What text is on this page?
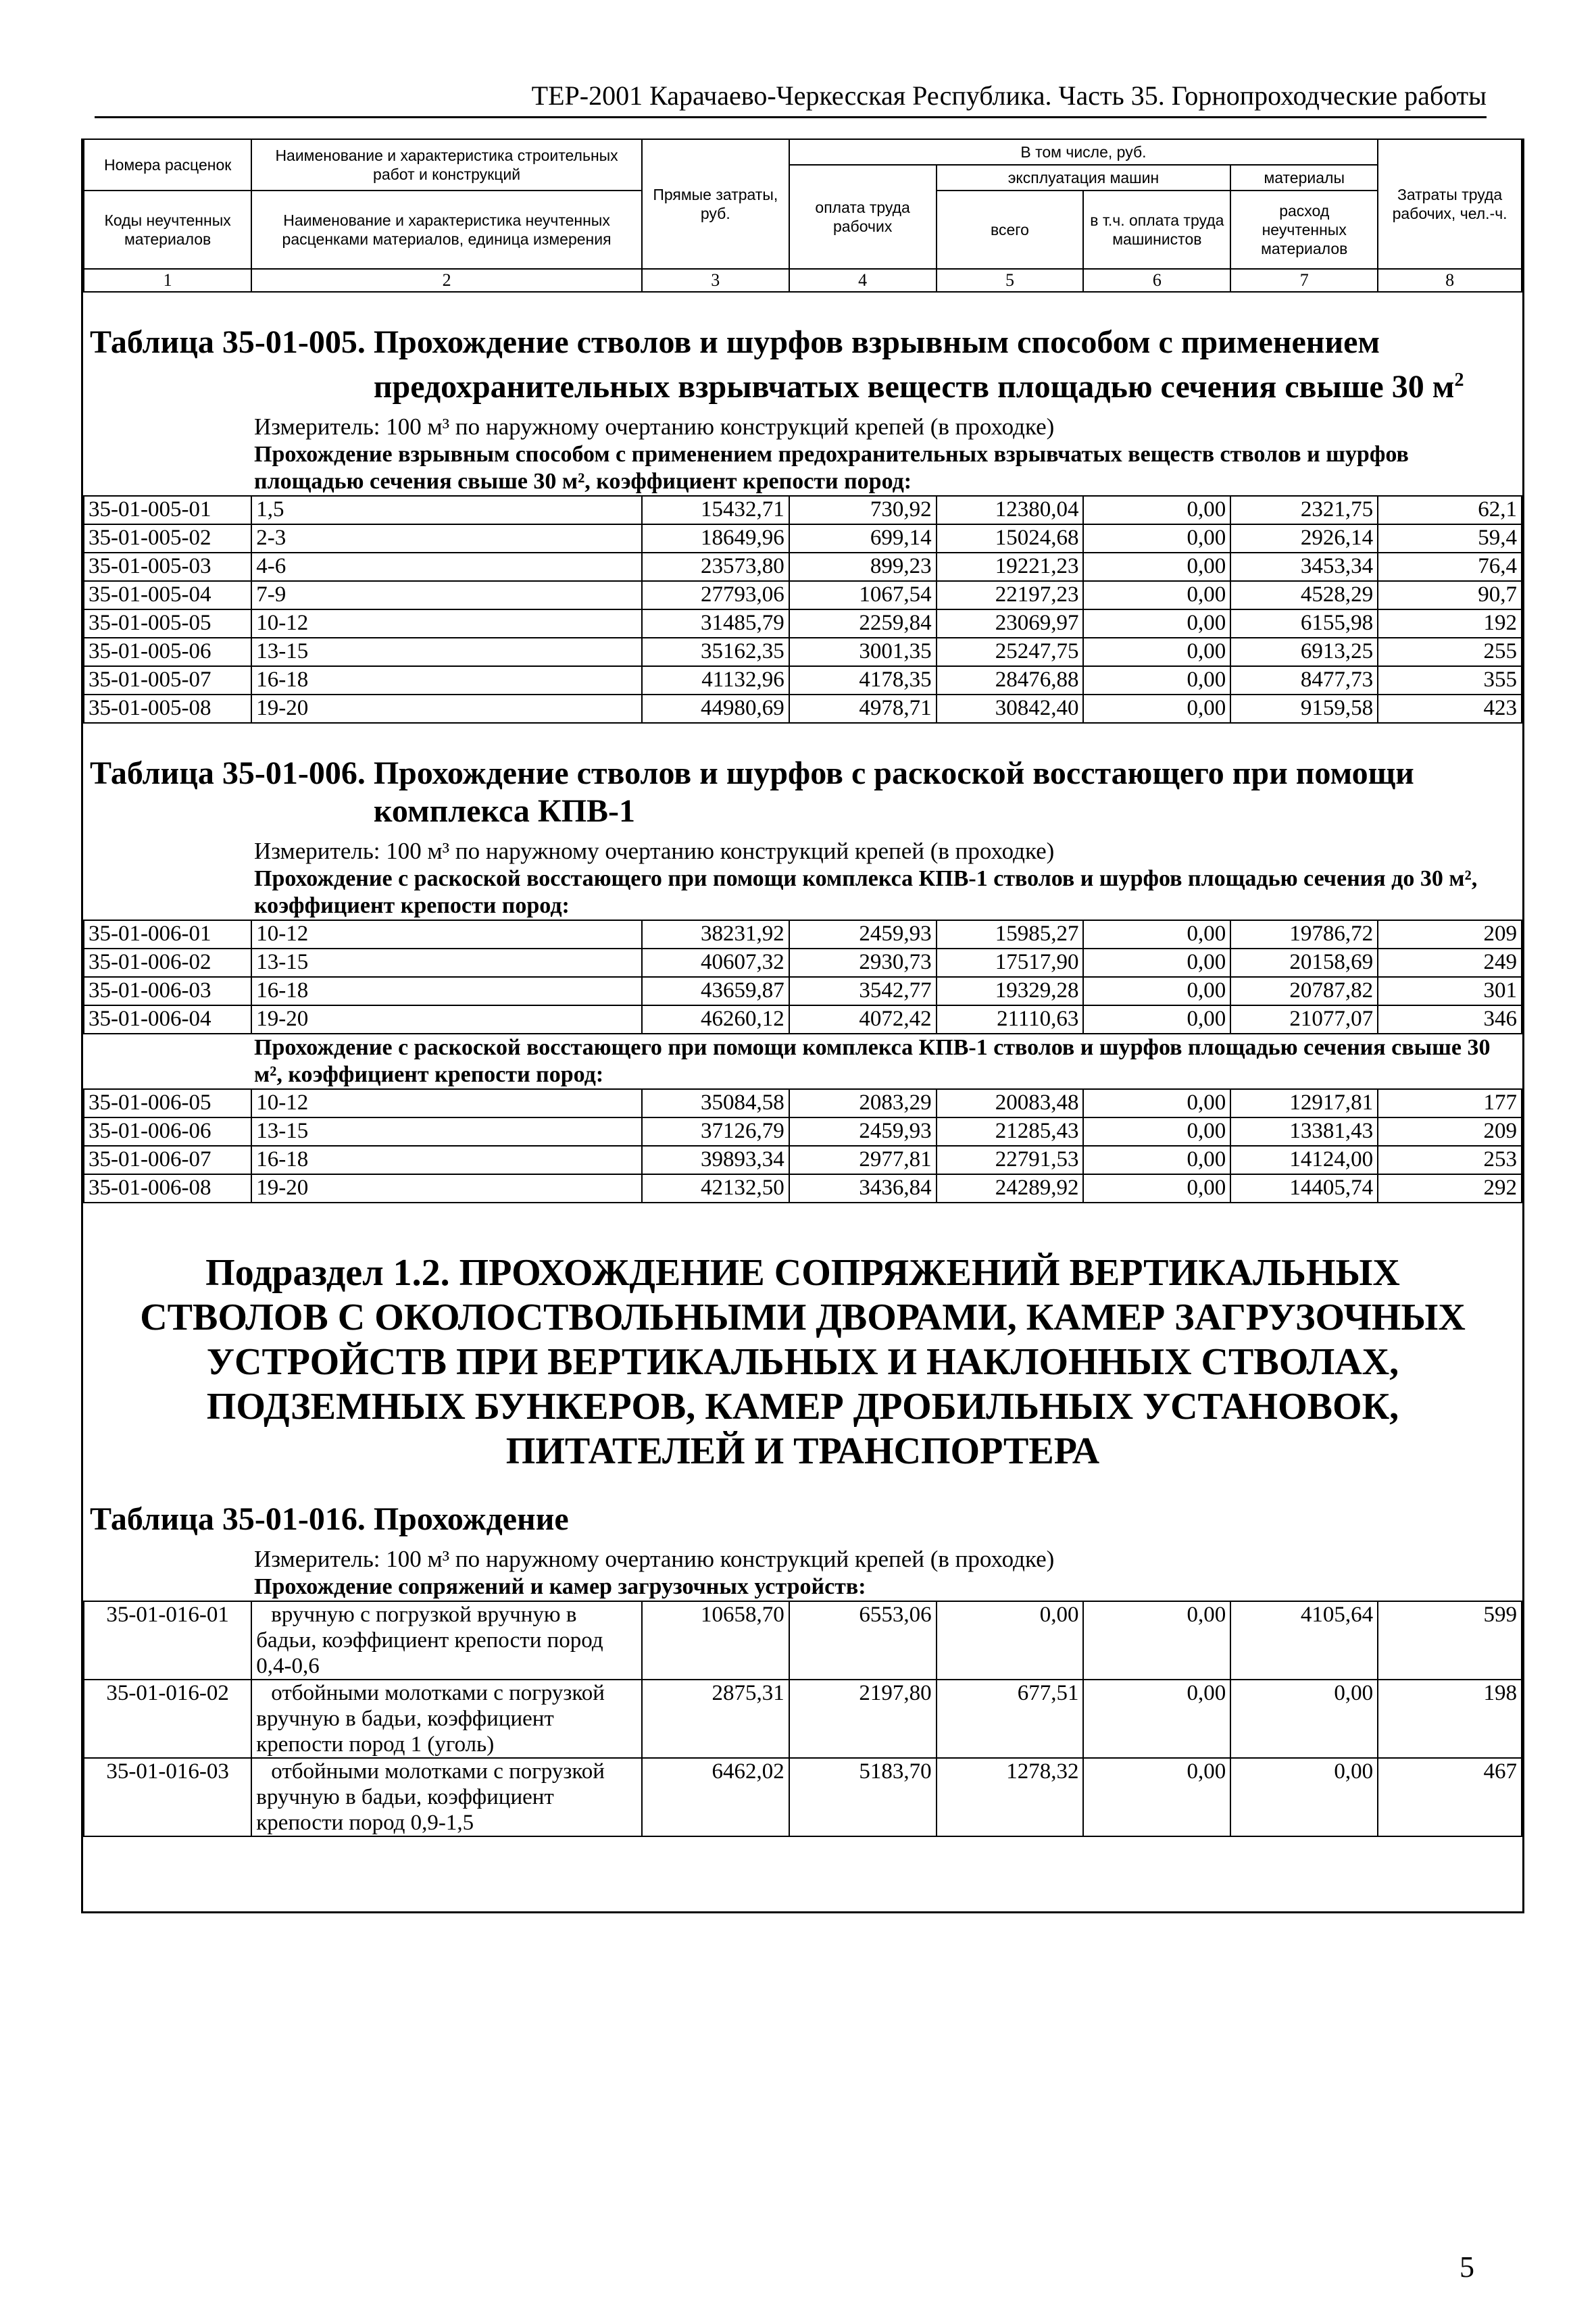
ТЕР-2001 Карачаево-Черкесская Республика. Часть 35. Горнопроходческие работы
Номера расценок	Наименование и характеристика строительных работ и конструкций	Прямые затраты, руб.	В том числе, руб.				Затраты труда рабочих, чел.-ч.
			оплата труда рабочих	эксплуатация машин		материалы	
Коды неучтенных материалов	Наименование и характеристика неучтенных расценками материалов, единица измерения			всего	в т.ч. оплата труда машинистов	расход неучтенных материалов	

1	2	3	4	5	6	7	8
Таблица 35-01-005.
Прохождение стволов и шурфов взрывным способом с применением предохранительных взрывчатых веществ площадью сечения свыше 30 $м^2$
Измеритель: 100 м³ по наружному очертанию конструкций крепей (в проходке)
Прохождение взрывным способом с применением предохранительных взрывчатых веществ стволов и шурфов площадью сечения свыше 30 м², коэффициент крепости пород:
35-01-005-01	1,5	15432,71	730,92	12380,04	0,00	2321,75	62,1
35-01-005-02	2-3	18649,96	699,14	15024,68	0,00	2926,14	59,4
35-01-005-03	4-6	23573,80	899,23	19221,23	0,00	3453,34	76,4
35-01-005-04	7-9	27793,06	1067,54	22197,23	0,00	4528,29	90,7
35-01-005-05	10-12	31485,79	2259,84	23069,97	0,00	6155,98	192
35-01-005-06	13-15	35162,35	3001,35	25247,75	0,00	6913,25	255
35-01-005-07	16-18	41132,96	4178,35	28476,88	0,00	8477,73	355
35-01-005-08	19-20	44980,69	4978,71	30842,40	0,00	9159,58	423
Таблица 35-01-006.
Прохождение стволов и шурфов с раскоской восстающего при помощи комплекса КПВ-1
Измеритель: 100 м³ по наружному очертанию конструкций крепей (в проходке)
Прохождение с раскоской восстающего при помощи комплекса КПВ-1 стволов и шурфов площадью сечения до 30 м², коэффициент крепости пород:
35-01-006-01	10-12	38231,92	2459,93	15985,27	0,00	19786,72	209
35-01-006-02	13-15	40607,32	2930,73	17517,90	0,00	20158,69	249
35-01-006-03	16-18	43659,87	3542,77	19329,28	0,00	20787,82	301
35-01-006-04	19-20	46260,12	4072,42	21110,63	0,00	21077,07	346
Прохождение с раскоской восстающего при помощи комплекса КПВ-1 стволов и шурфов площадью сечения свыше 30 м², коэффициент крепости пород:
35-01-006-05	10-12	35084,58	2083,29	20083,48	0,00	12917,81	177
35-01-006-06	13-15	37126,79	2459,93	21285,43	0,00	13381,43	209
35-01-006-07	16-18	39893,34	2977,81	22791,53	0,00	14124,00	253
35-01-006-08	19-20	42132,50	3436,84	24289,92	0,00	14405,74	292
Подраздел 1.2. ПРОХОЖДЕНИЕ СОПРЯЖЕНИЙ ВЕРТИКАЛЬНЫХ СТВОЛОВ С ОКОЛОСТВОЛЬНЫМИ ДВОРАМИ, КАМЕР ЗАГРУЗОЧНЫХ УСТРОЙСТВ ПРИ ВЕРТИКАЛЬНЫХ И НАКЛОННЫХ СТВОЛАХ, ПОДЗЕМНЫХ БУНКЕРОВ, КАМЕР ДРОБИЛЬНЫХ УСТАНОВОК, ПИТАТЕЛЕЙ И ТРАНСПОРТЕРА
Таблица 35-01-016.
Прохождение
Измеритель: 100 м³ по наружному очертанию конструкций крепей (в проходке)
Прохождение сопряжений и камер загрузочных устройств:
35-01-016-01	вручную с погрузкой вручную в бадьи, коэффициент крепости пород 0,4-0,6	10658,70	6553,06	0,00	0,00	4105,64	599
35-01-016-02	отбойными молотками с погрузкой вручную в бадьи, коэффициент крепости пород 1 (уголь)	2875,31	2197,80	677,51	0,00	0,00	198
35-01-016-03	отбойными молотками с погрузкой вручную в бадьи, коэффициент крепости пород 0,9-1,5	6462,02	5183,70	1278,32	0,00	0,00	467
5
